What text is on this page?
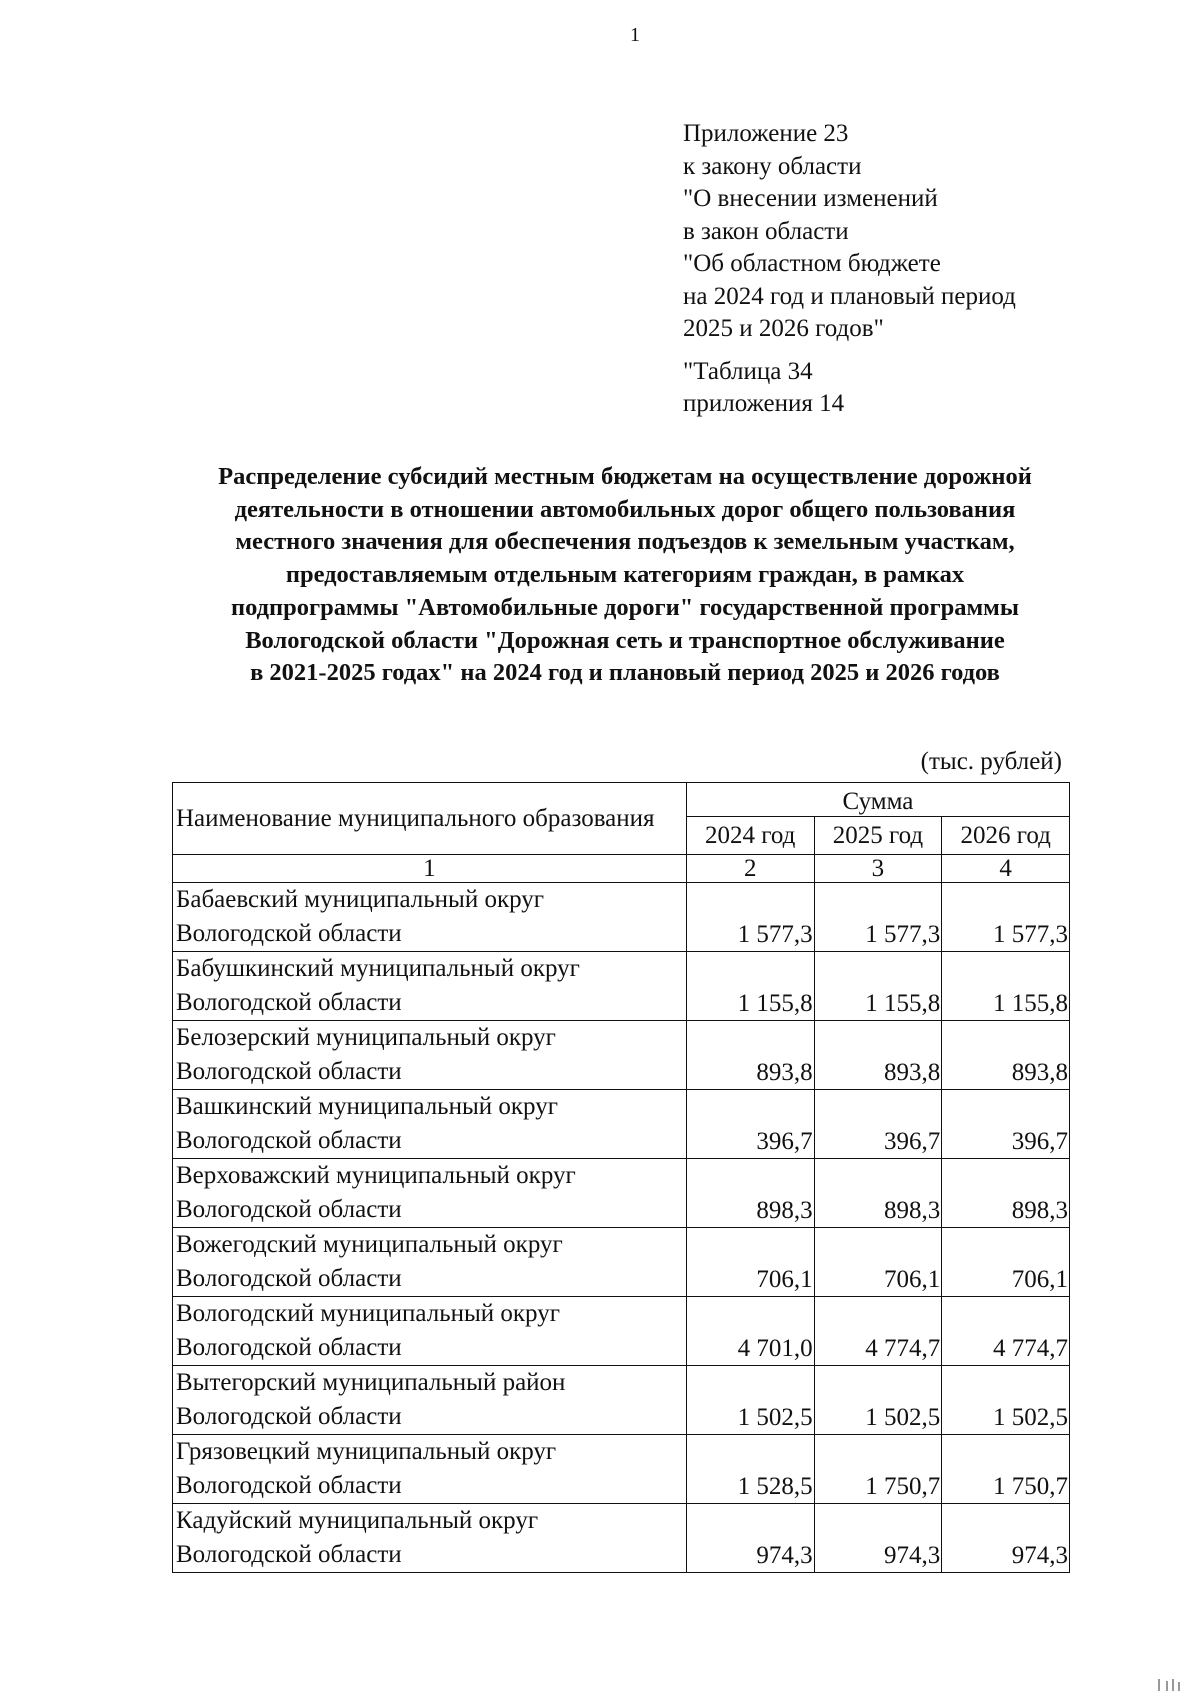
1
Приложение 23
к закону области
"О внесении изменений
в закон области
"Об областном бюджете
на 2024 год и плановый период
2025 и 2026 годов"
"Таблица 34
приложения 14
Распределение субсидий местным бюджетам на осуществление дорожной
деятельности в отношении автомобильных дорог общего пользования
местного значения для обеспечения подъездов к земельным участкам,
предоставляемым отдельным категориям граждан, в рамках
подпрограммы "Автомобильные дороги" государственной программы
Вологодской области "Дорожная сеть и транспортное обслуживание
в 2021-2025 годах" на 2024 год и плановый период 2025 и 2026 годов
(тыс. рублей)
Наименование муниципального образования	Сумма		
	2024 год	2025 год	2026 год
1	2	3	4

Бабаевский муниципальный округ
Вологодской области	1 577,3	1 577,3	1 577,3

Бабушкинский муниципальный округ
Вологодской области	1 155,8	1 155,8	1 155,8

Белозерский муниципальный округ
Вологодской области	893,8	893,8	893,8

Вашкинский муниципальный округ
Вологодской области	396,7	396,7	396,7

Верховажский муниципальный округ
Вологодской области	898,3	898,3	898,3

Вожегодский муниципальный округ
Вологодской области	706,1	706,1	706,1

Вологодский муниципальный округ
Вологодской области	4 701,0	4 774,7	4 774,7

Вытегорский муниципальный район
Вологодской области	1 502,5	1 502,5	1 502,5

Грязовецкий муниципальный округ
Вологодской области	1 528,5	1 750,7	1 750,7

Кадуйский муниципальный округ
Вологодской области	974,3	974,3	974,3
